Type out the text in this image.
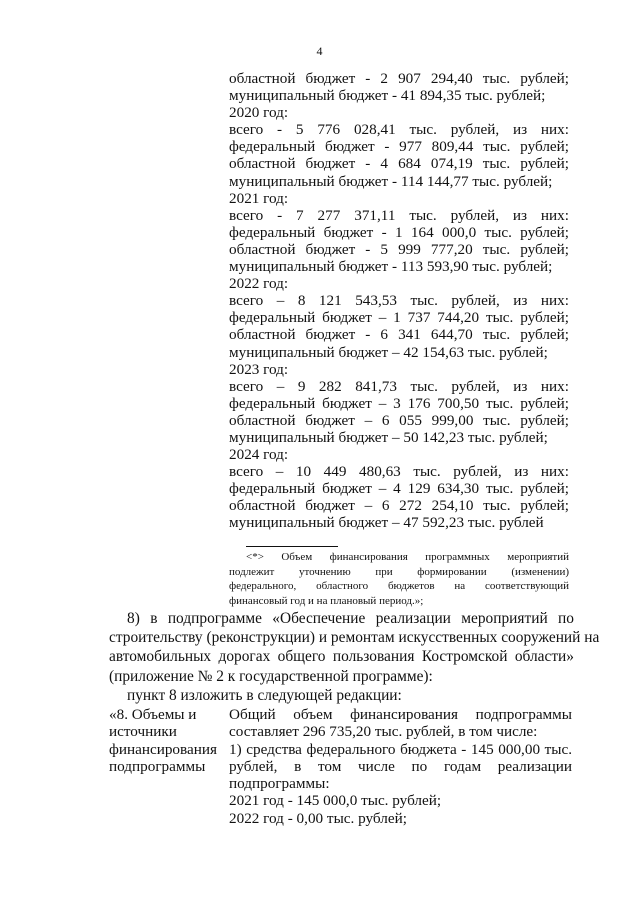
4
областной бюджет - 2 907 294,40 тыс. рублей;
муниципальный бюджет - 41 894,35 тыс. рублей;
2020 год:
всего - 5 776 028,41 тыс. рублей, из них:
федеральный бюджет - 977 809,44 тыс. рублей;
областной бюджет - 4 684 074,19 тыс. рублей;
муниципальный бюджет - 114 144,77 тыс. рублей;
2021 год:
всего - 7 277 371,11 тыс. рублей, из них:
федеральный бюджет - 1 164 000,0 тыс. рублей;
областной бюджет - 5 999 777,20 тыс. рублей;
муниципальный бюджет - 113 593,90 тыс. рублей;
2022 год:
всего – 8 121 543,53 тыс. рублей, из них:
федеральный бюджет – 1 737 744,20 тыс. рублей;
областной бюджет - 6 341 644,70 тыс. рублей;
муниципальный бюджет – 42 154,63 тыс. рублей;
2023 год:
всего – 9 282 841,73 тыс. рублей, из них:
федеральный бюджет – 3 176 700,50 тыс. рублей;
областной бюджет – 6 055 999,00 тыс. рублей;
муниципальный бюджет – 50 142,23 тыс. рублей;
2024 год:
всего – 10 449 480,63 тыс. рублей, из них:
федеральный бюджет – 4 129 634,30 тыс. рублей;
областной бюджет – 6 272 254,10 тыс. рублей;
муниципальный бюджет – 47 592,23 тыс. рублей
<*> Объем финансирования программных мероприятий
подлежит уточнению при формировании (изменении)
федерального, областного бюджетов на соответствующий
финансовый год и на плановый период.»;
8) в подпрограмме «Обеспечение реализации мероприятий по
строительству (реконструкции) и ремонтам искусственных сооружений на
автомобильных дорогах общего пользования Костромской области»
(приложение № 2 к государственной программе):
пункт 8 изложить в следующей редакции:
«8. Объемы и
источники
финансирования
подпрограммы
Общий объем финансирования подпрограммы
составляет 296 735,20 тыс. рублей, в том числе:
1) средства федерального бюджета - 145 000,00 тыс.
рублей, в том числе по годам реализации
подпрограммы:
2021 год - 145 000,0 тыс. рублей;
2022 год - 0,00 тыс. рублей;
